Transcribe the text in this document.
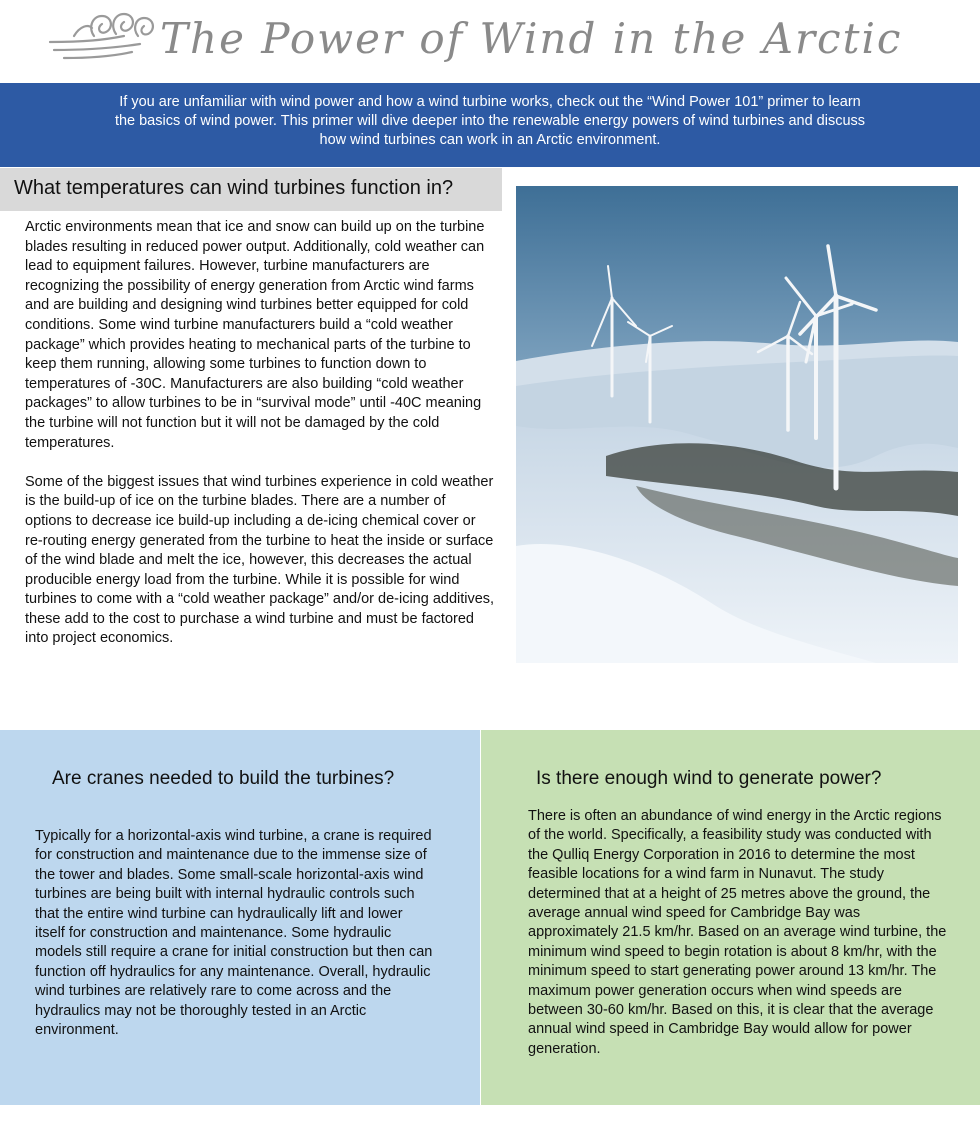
The Power of Wind in the Arctic

If you are unfamiliar with wind power and how a wind turbine works, check out the “Wind Power 101” primer to learn the basics of wind power. This primer will dive deeper into the renewable energy powers of wind turbines and discuss how wind turbines can work in an Arctic environment.

What temperatures can wind turbines function in?

Arctic environments mean that ice and snow can build up on the turbine blades resulting in reduced power output. Additionally, cold weather can lead to equipment failures. However, turbine manufacturers are recognizing the possibility of energy generation from Arctic wind farms and are building and designing wind turbines better equipped for cold conditions. Some wind turbine manufacturers build a “cold weather package” which provides heating to mechanical parts of the turbine to keep them running, allowing some turbines to function down to temperatures of -30C. Manufacturers are also building “cold weather packages” to allow turbines to be in “survival mode” until -40C meaning the turbine will not function but it will not be damaged by the cold temperatures.

Some of the biggest issues that wind turbines experience in cold weather is the build-up of ice on the turbine blades. There are a number of options to decrease ice build-up including a de-icing chemical cover or re-routing energy generated from the turbine to heat the inside or surface of the wind blade and melt the ice, however, this decreases the actual producible energy load from the turbine. While it is possible for wind turbines to come with a “cold weather package” and/or de-icing additives, these add to the cost to purchase a wind turbine and must be factored into project economics.

Are cranes needed to build the turbines?
Typically for a horizontal-axis wind turbine, a crane is required for construction and maintenance due to the immense size of the tower and blades. Some small-scale horizontal-axis wind turbines are being built with internal hydraulic controls such that the entire wind turbine can hydraulically lift and lower itself for construction and maintenance. Some hydraulic models still require a crane for initial construction but then can function off hydraulics for any maintenance. Overall, hydraulic wind turbines are relatively rare to come across and the hydraulics may not be thoroughly tested in an Arctic environment.
Is there enough wind to generate power?
There is often an abundance of wind energy in the Arctic regions of the world. Specifically, a feasibility study was conducted with the Qulliq Energy Corporation in 2016 to determine the most feasible locations for a wind farm in Nunavut. The study determined that at a height of 25 metres above the ground, the average annual wind speed for Cambridge Bay was approximately 21.5 km/hr. Based on an average wind turbine, the minimum wind speed to begin rotation is about 8 km/hr, with the minimum speed to start generating power around 13 km/hr. The maximum power generation occurs when wind speeds are between 30-60 km/hr. Based on this, it is clear that the average annual wind speed in Cambridge Bay would allow for power generation.
